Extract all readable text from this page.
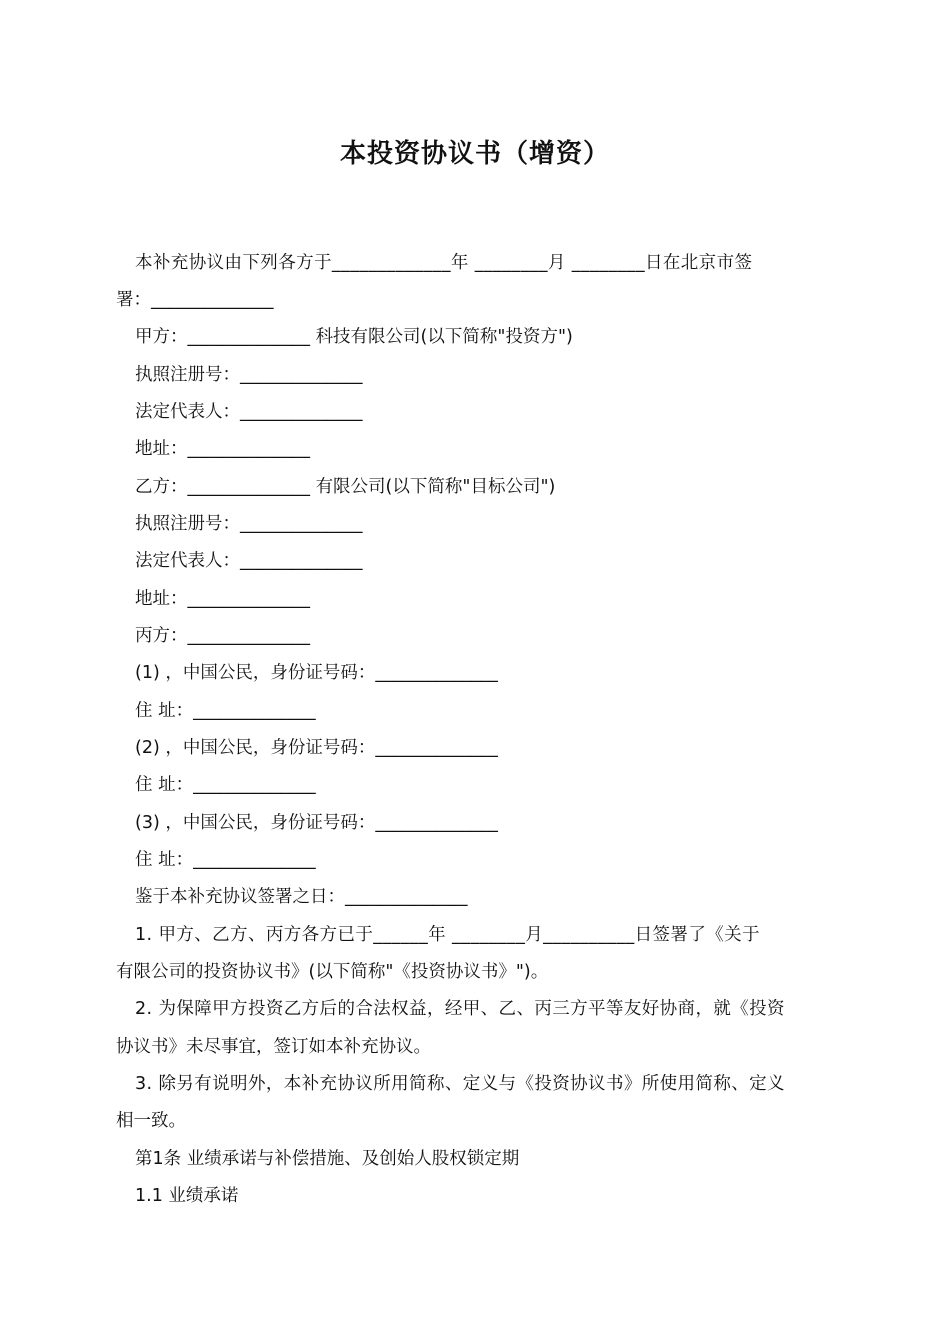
本投资协议书（增资）
本补充协议由下列各方于_____________年 ________月 ________日在北京市签
署：______________
甲方：______________ 科技有限公司(以下简称"投资方")
执照注册号：______________
法定代表人：______________
地址：______________
乙方：______________ 有限公司(以下简称"目标公司")
执照注册号：______________
法定代表人：______________
地址：______________
丙方：______________
(1) ，中国公民，身份证号码：______________
住 址：______________
(2) ，中国公民，身份证号码：______________
住 址：______________
(3) ，中国公民，身份证号码：______________
住 址：______________
鉴于本补充协议签署之日：______________
1. 甲方、乙方、丙方各方已于______年 ________月__________日签署了《关于
有限公司的投资协议书》(以下简称"《投资协议书》")。
2. 为保障甲方投资乙方后的合法权益，经甲、乙、丙三方平等友好协商，就《投资
协议书》未尽事宜，签订如本补充协议。
3. 除另有说明外，本补充协议所用简称、定义与《投资协议书》所使用简称、定义
相一致。
第1条 业绩承诺与补偿措施、及创始人股权锁定期
1.1 业绩承诺
